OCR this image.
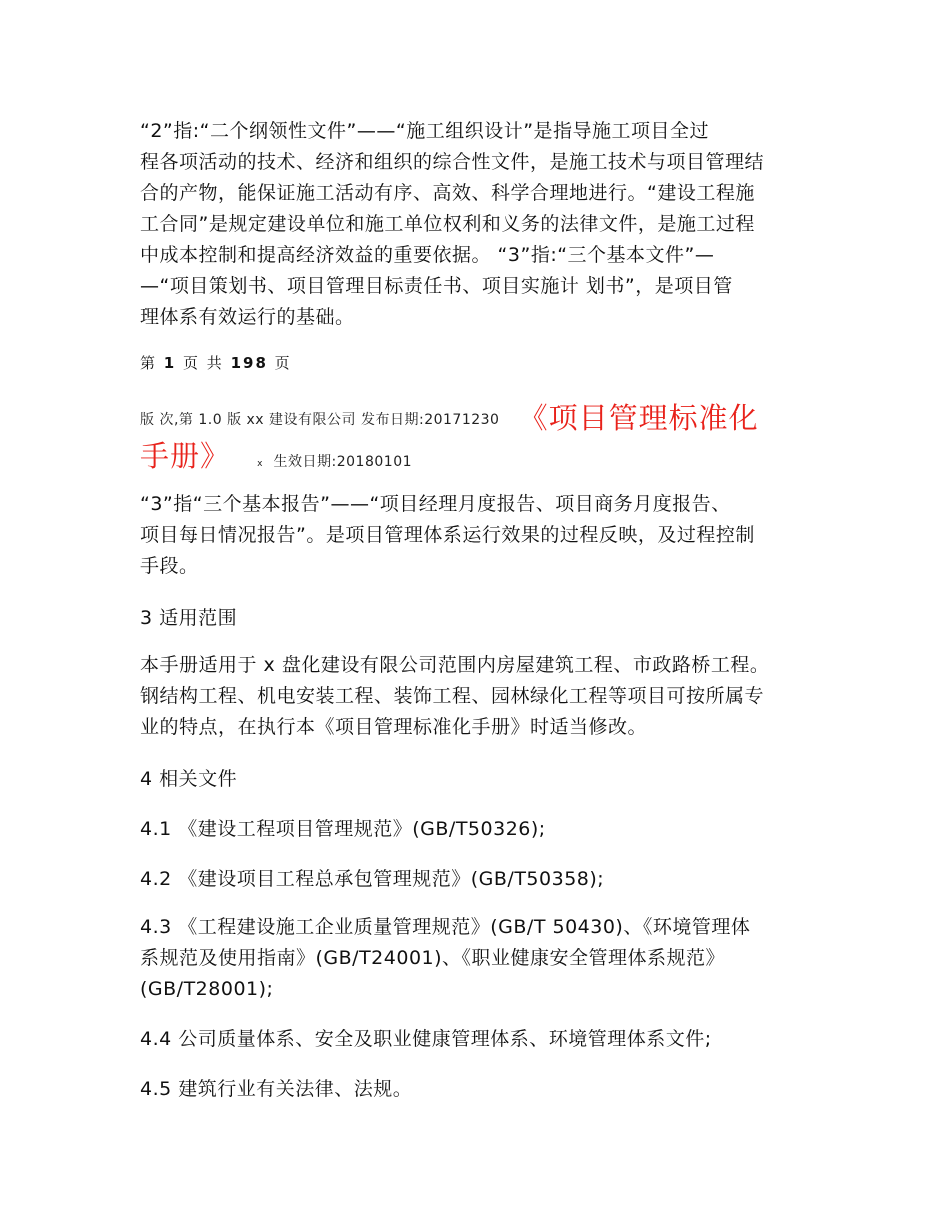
“2”指:“二个纲领性文件”——“施工组织设计”是指导施工项目全过
程各项活动的技术、经济和组织的综合性文件，是施工技术与项目管理结
合的产物，能保证施工活动有序、高效、科学合理地进行。“建设工程施
工合同”是规定建设单位和施工单位权利和义务的法律文件，是施工过程
中成本控制和提高经济效益的重要依据。 “3”指:“三个基本文件”—
—“项目策划书、项目管理目标责任书、项目实施计 划书”，是项目管
理体系有效运行的基础。
第 1 页 共 198 页
版 次,第 1.0 版 xx 建设有限公司 发布日期:20171230 《项目管理标准化
手册》	x 生效日期:20180101
“3”指“三个基本报告”——“项目经理月度报告、项目商务月度报告、
项目每日情况报告”。是项目管理体系运行效果的过程反映，及过程控制
手段。
3 适用范围
本手册适用于 x 盘化建设有限公司范围内房屋建筑工程、市政路桥工程。
钢结构工程、机电安装工程、装饰工程、园林绿化工程等项目可按所属专
业的特点，在执行本《项目管理标准化手册》时适当修改。
4 相关文件
4.1 《建设工程项目管理规范》(GB/T50326);
4.2 《建设项目工程总承包管理规范》(GB/T50358);
4.3 《工程建设施工企业质量管理规范》(GB/T 50430)、《环境管理体
系规范及使用指南》(GB/T24001)、《职业健康安全管理体系规范》
(GB/T28001);
4.4 公司质量体系、安全及职业健康管理体系、环境管理体系文件;
4.5 建筑行业有关法律、法规。
